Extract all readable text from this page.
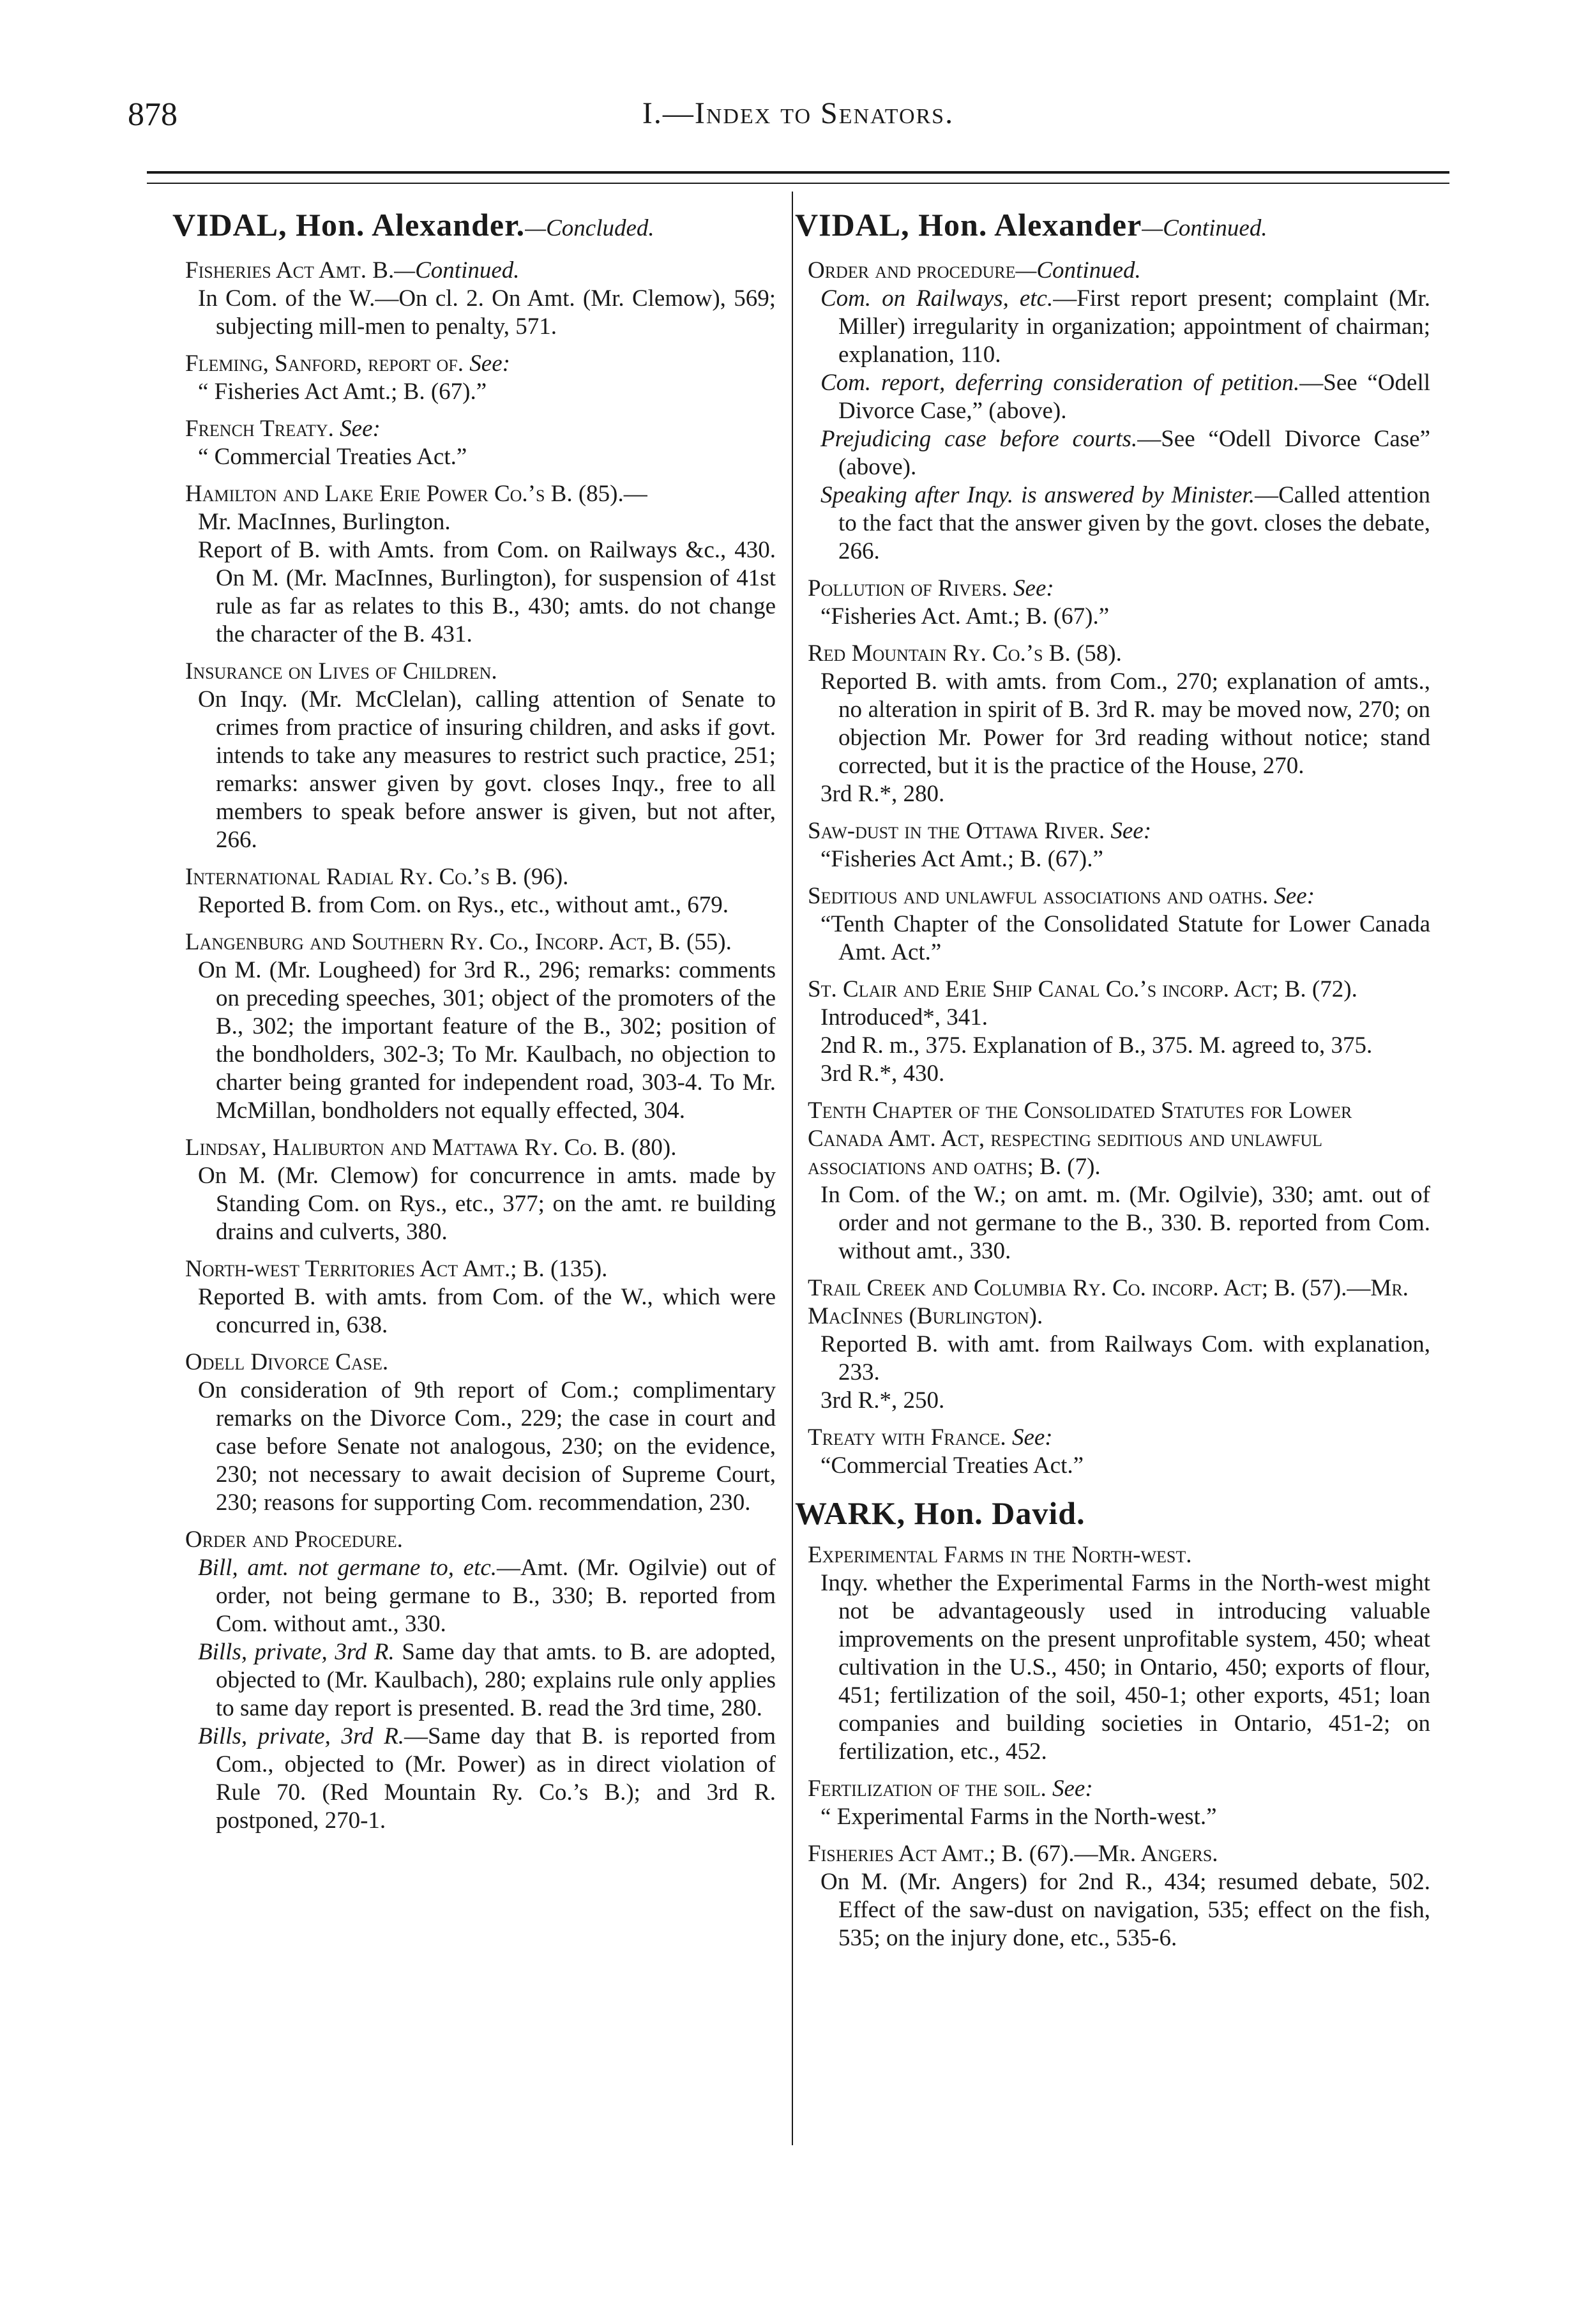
I.—Index to Senators.
878
VIDAL, Hon. Alexander.—Concluded.
Fisheries Act Amt. B.—Continued.
In Com. of the W.—On cl. 2. On Amt. (Mr. Clemow), 569; subjecting mill-men to penalty, 571.
Fleming, Sanford, report of. See:
“ Fisheries Act Amt.; B. (67).”
French Treaty. See:
“ Commercial Treaties Act.”
Hamilton and Lake Erie Power Co.’s B. (85).—
Mr. MacInnes, Burlington.
Report of B. with Amts. from Com. on Railways &c., 430. On M. (Mr. MacInnes, Burlington), for suspension of 41st rule as far as relates to this B., 430; amts. do not change the character of the B. 431.
Insurance on Lives of Children.
On Inqy. (Mr. McClelan), calling attention of Senate to crimes from practice of insuring children, and asks if govt. intends to take any measures to restrict such practice, 251; remarks: answer given by govt. closes Inqy., free to all members to speak before answer is given, but not after, 266.
International Radial Ry. Co.’s B. (96).
Reported B. from Com. on Rys., etc., without amt., 679.
Langenburg and Southern Ry. Co., Incorp. Act, B. (55).
On M. (Mr. Lougheed) for 3rd R., 296; remarks: comments on preceding speeches, 301; object of the promoters of the B., 302; the important feature of the B., 302; position of the bondholders, 302-3; To Mr. Kaulbach, no objection to charter being granted for independent road, 303-4. To Mr. McMillan, bondholders not equally effected, 304.
Lindsay, Haliburton and Mattawa Ry. Co. B. (80).
On M. (Mr. Clemow) for concurrence in amts. made by Standing Com. on Rys., etc., 377; on the amt. re building drains and culverts, 380.
North-west Territories Act Amt.; B. (135).
Reported B. with amts. from Com. of the W., which were concurred in, 638.
Odell Divorce Case.
On consideration of 9th report of Com.; complimentary remarks on the Divorce Com., 229; the case in court and case before Senate not analogous, 230; on the evidence, 230; not necessary to await decision of Supreme Court, 230; reasons for supporting Com. recommendation, 230.
Order and Procedure.
Bill, amt. not germane to, etc.—Amt. (Mr. Ogilvie) out of order, not being germane to B., 330; B. reported from Com. without amt., 330.
Bills, private, 3rd R. Same day that amts. to B. are adopted, objected to (Mr. Kaulbach), 280; explains rule only applies to same day report is presented. B. read the 3rd time, 280.
Bills, private, 3rd R.—Same day that B. is reported from Com., objected to (Mr. Power) as in direct violation of Rule 70. (Red Mountain Ry. Co.’s B.); and 3rd R. postponed, 270-1.
VIDAL, Hon. Alexander—Continued.
Order and procedure—Continued.
Com. on Railways, etc.—First report present; complaint (Mr. Miller) irregularity in organization; appointment of chairman; explanation, 110.
Com. report, deferring consideration of petition.—See “Odell Divorce Case,” (above).
Prejudicing case before courts.—See “Odell Divorce Case” (above).
Speaking after Inqy. is answered by Minister.—Called attention to the fact that the answer given by the govt. closes the debate, 266.
Pollution of Rivers. See:
“Fisheries Act. Amt.; B. (67).”
Red Mountain Ry. Co.’s B. (58).
Reported B. with amts. from Com., 270; explanation of amts., no alteration in spirit of B. 3rd R. may be moved now, 270; on objection Mr. Power for 3rd reading without notice; stand corrected, but it is the practice of the House, 270.
3rd R.*, 280.
Saw-dust in the Ottawa River. See:
“Fisheries Act Amt.; B. (67).”
Seditious and unlawful associations and oaths. See:
“Tenth Chapter of the Consolidated Statute for Lower Canada Amt. Act.”
St. Clair and Erie Ship Canal Co.’s incorp. Act; B. (72).
Introduced*, 341.
2nd R. m., 375. Explanation of B., 375. M. agreed to, 375.
3rd R.*, 430.
Tenth Chapter of the Consolidated Statutes for Lower Canada Amt. Act, respecting seditious and unlawful associations and oaths; B. (7).
In Com. of the W.; on amt. m. (Mr. Ogilvie), 330; amt. out of order and not germane to the B., 330. B. reported from Com. without amt., 330.
Trail Creek and Columbia Ry. Co. incorp. Act; B. (57).—Mr. MacInnes (Burlington).
Reported B. with amt. from Railways Com. with explanation, 233.
3rd R.*, 250.
Treaty with France. See:
“Commercial Treaties Act.”
WARK, Hon. David.
Experimental Farms in the North-west.
Inqy. whether the Experimental Farms in the North-west might not be advantageously used in introducing valuable improvements on the present unprofitable system, 450; wheat cultivation in the U.S., 450; in Ontario, 450; exports of flour, 451; fertilization of the soil, 450-1; other exports, 451; loan companies and building societies in Ontario, 451-2; on fertilization, etc., 452.
Fertilization of the soil. See:
“ Experimental Farms in the North-west.”
Fisheries Act Amt.; B. (67).—Mr. Angers.
On M. (Mr. Angers) for 2nd R., 434; resumed debate, 502. Effect of the saw-dust on navigation, 535; effect on the fish, 535; on the injury done, etc., 535-6.
